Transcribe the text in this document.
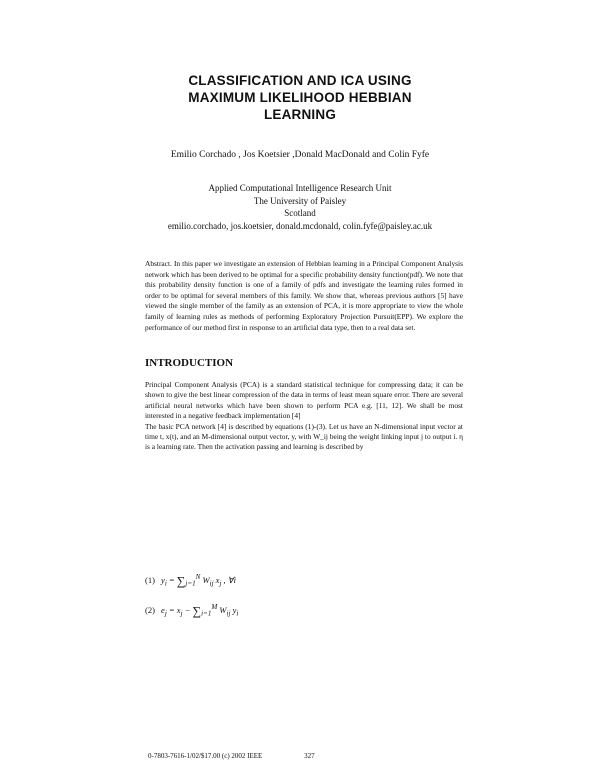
CLASSIFICATION AND ICA USING
MAXIMUM LIKELIHOOD HEBBIAN
LEARNING
Emilio Corchado , Jos Koetsier ,Donald MacDonald and Colin Fyfe
Applied Computational Intelligence Research Unit
The University of Paisley
Scotland
emilio.corchado, jos.koetsier, donald.mcdonald, colin.fyfe@paisley.ac.uk
Abstract. In this paper we investigate an extension of Hebbian learning in a Principal Component Analysis network which has been derived to be optimal for a specific probability density function(pdf). We note that this probability density function is one of a family of pdfs and investigate the learning rules formed in order to be optimal for several members of this family. We show that, whereas previous authors [5] have viewed the single member of the family as an extension of PCA, it is more appropriate to view the whole family of learning rules as methods of performing Exploratory Projection Pursuit(EPP). We explore the performance of our method first in response to an artificial data type, then to a real data set.
INTRODUCTION

Principal Component Analysis (PCA) is a standard statistical technique for compressing data; it can be shown to give the best linear compression of the data in terms of least mean square error. There are several artificial neural networks which have been shown to perform PCA e.g. [11, 12]. We shall be most interested in a negative feedback implementation [4]

The basic PCA network [4] is described by equations (1)-(3). Let us have an N-dimensional input vector at time t, x(t), and an M-dimensional output vector, y, with W_ij being the weight linking input j to output i. η is a learning rate. Then the activation passing and learning is described by

(1) $y_i = \sum_{j=1}^N$ $W_{ij}$ $x_j$ , ∀i
(2) $e_j = x_j - \sum_{i=1}^M$ $W_{ij}$ $y_i$
0-7803-7616-1/02/$17.00 (c) 2002 IEEE	327
